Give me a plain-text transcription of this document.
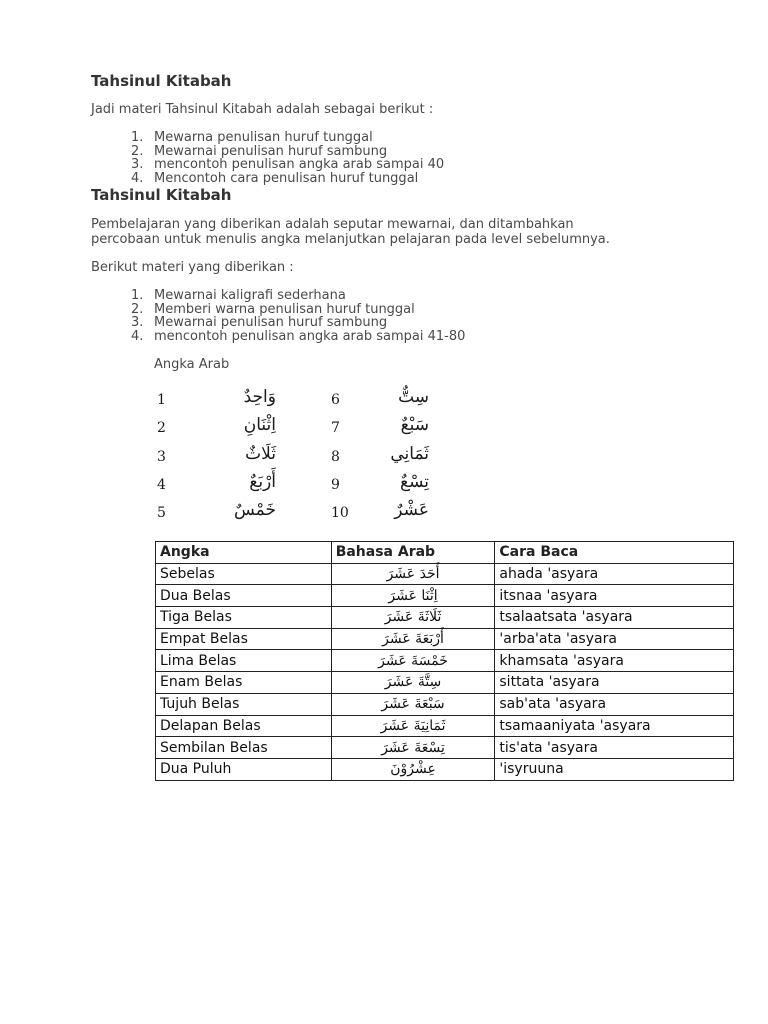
Tahsinul Kitabah
Jadi materi Tahsinul Kitabah adalah sebagai berikut :
1. Mewarna penulisan huruf tunggal
2. Mewarnai penulisan huruf sambung
3. mencontoh penulisan angka arab sampai 40
4. Mencontoh cara penulisan huruf tunggal
Tahsinul Kitabah
Pembelajaran yang diberikan adalah seputar mewarnai, dan ditambahkan
percobaan untuk menulis angka melanjutkan pelajaran pada level sebelumnya.
Berikut materi yang diberikan :
1. Mewarnai kaligrafi sederhana
2. Memberi warna penulisan huruf tunggal
3. Mewarnai penulisan huruf sambung
4. mencontoh penulisan angka arab sampai 41-80
Angka Arab
1	وَاحِدٌ
2	اِثْنَانِ
3	ثَلَاثٌ
4	أَرْبَعٌ
5	خَمْسٌ
6	سِتٌّ
7	سَبْعٌ
8	ثَمَانِي
9	تِسْعٌ
10	عَشْرٌ
Angka	Bahasa Arab	Cara Baca
Sebelas	أَحَدَ عَشَرَ	ahada 'asyara
Dua Belas	اِثْنَا عَشَرَ	itsnaa 'asyara
Tiga Belas	ثَلَاثَةَ عَشَرَ	tsalaatsata 'asyara
Empat Belas	أَرْبَعَةَ عَشَرَ	'arba'ata 'asyara
Lima Belas	خَمْسَةَ عَشَرَ	khamsata 'asyara
Enam Belas	سِتَّةَ عَشَرَ	sittata 'asyara
Tujuh Belas	سَبْعَةَ عَشَرَ	sab'ata 'asyara
Delapan Belas	ثَمَانِيَةَ عَشَرَ	tsamaaniyata 'asyara
Sembilan Belas	تِسْعَةَ عَشَرَ	tis'ata 'asyara
Dua Puluh	عِشْرُوْنَ	'isyruuna
